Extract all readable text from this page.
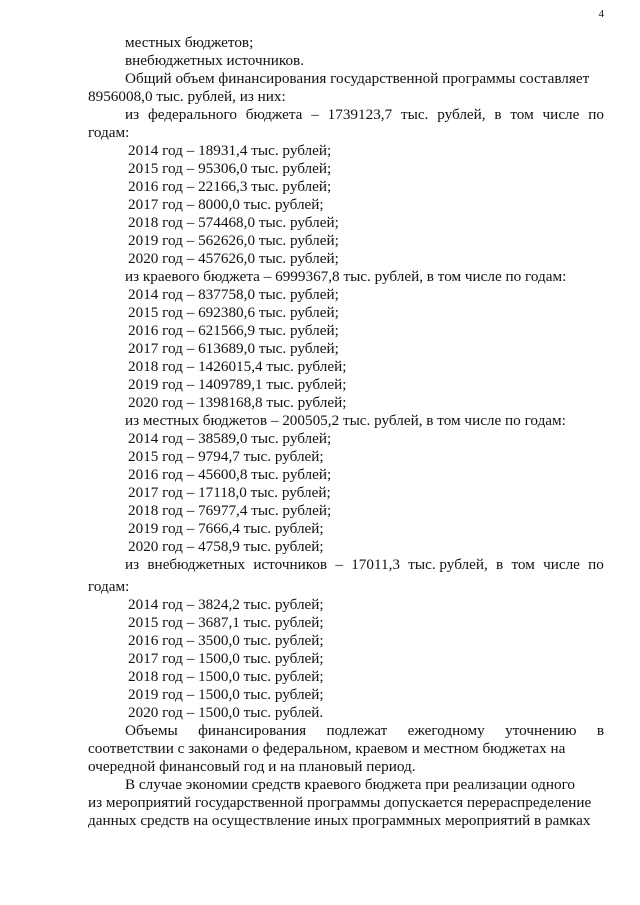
4
местных бюджетов;
внебюджетных источников.
Общий объем финансирования государственной программы составляет
8956008,0 тыс. рублей, из них:
из федерального бюджета – 1739123,7 тыс. рублей, в том числе по
годам:
2014 год – 18931,4 тыс. рублей;
2015 год – 95306,0 тыс. рублей;
2016 год – 22166,3 тыс. рублей;
2017 год – 8000,0 тыс. рублей;
2018 год – 574468,0 тыс. рублей;
2019 год – 562626,0 тыс. рублей;
2020 год – 457626,0 тыс. рублей;
из краевого бюджета – 6999367,8 тыс. рублей, в том числе по годам:
2014 год – 837758,0 тыс. рублей;
2015 год – 692380,6 тыс. рублей;
2016 год – 621566,9 тыс. рублей;
2017 год – 613689,0 тыс. рублей;
2018 год – 1426015,4 тыс. рублей;
2019 год – 1409789,1 тыс. рублей;
2020 год – 1398168,8 тыс. рублей;
из местных бюджетов – 200505,2 тыс. рублей, в том числе по годам:
2014 год – 38589,0 тыс. рублей;
2015 год – 9794,7 тыс. рублей;
2016 год – 45600,8 тыс. рублей;
2017 год – 17118,0 тыс. рублей;
2018 год – 76977,4 тыс. рублей;
2019 год – 7666,4 тыс. рублей;
2020 год – 4758,9 тыс. рублей;
из внебюджетных источников – 17011,3 тыс. рублей, в том числе по
годам:
2014 год – 3824,2 тыс. рублей;
2015 год – 3687,1 тыс. рублей;
2016 год – 3500,0 тыс. рублей;
2017 год – 1500,0 тыс. рублей;
2018 год – 1500,0 тыс. рублей;
2019 год – 1500,0 тыс. рублей;
2020 год – 1500,0 тыс. рублей.
Объемы финансирования подлежат ежегодному уточнению в
соответствии с законами о федеральном, краевом и местном бюджетах на
очередной финансовый год и на плановый период.
В случае экономии средств краевого бюджета при реализации одного
из мероприятий государственной программы допускается перераспределение
данных средств на осуществление иных программных мероприятий в рамках
